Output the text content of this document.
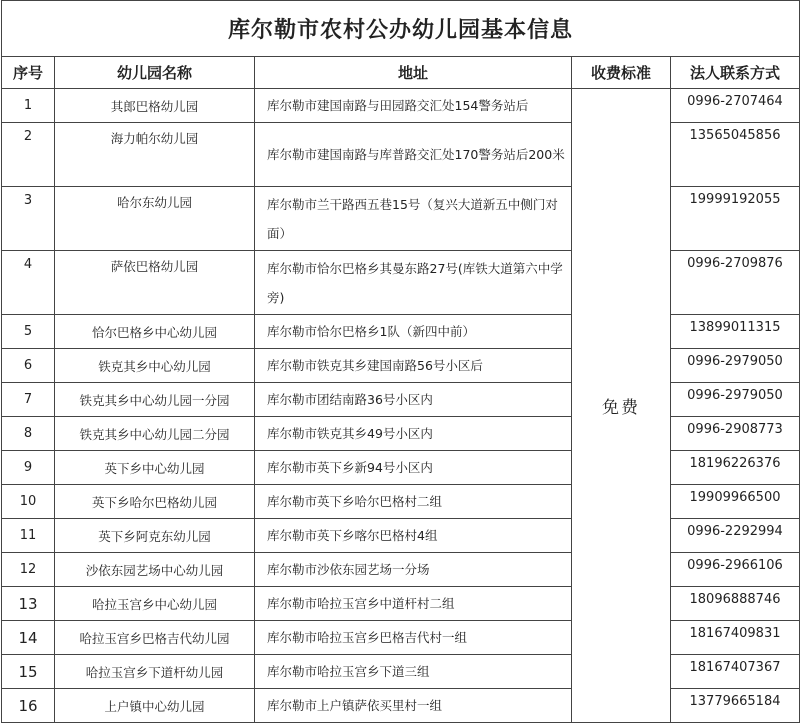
库尔勒市农村公办幼儿园基本信息				
序号	幼儿园名称	地址	收费标准	法人联系方式
1	其郎巴格幼儿园	库尔勒市建国南路与田园路交汇处154警务站后	免费	0996-2707464
2	海力帕尔幼儿园	库尔勒市建国南路与库普路交汇处170警务站后200米		13565045856
3	哈尔东幼儿园	库尔勒市兰干路西五巷15号（复兴大道新五中侧门对面）		19999192055
4	萨依巴格幼儿园	库尔勒市恰尔巴格乡其曼东路27号(库铁大道第六中学旁)		0996-2709876
5	恰尔巴格乡中心幼儿园	库尔勒市恰尔巴格乡1队（新四中前）		13899011315
6	铁克其乡中心幼儿园	库尔勒市铁克其乡建国南路56号小区后		0996-2979050
7	铁克其乡中心幼儿园一分园	库尔勒市团结南路36号小区内		0996-2979050
8	铁克其乡中心幼儿园二分园	库尔勒市铁克其乡49号小区内		0996-2908773
9	英下乡中心幼儿园	库尔勒市英下乡新94号小区内		18196226376
10	英下乡哈尔巴格幼儿园	库尔勒市英下乡哈尔巴格村二组		19909966500
11	英下乡阿克东幼儿园	库尔勒市英下乡喀尔巴格村4组		0996-2292994
12	沙依东园艺场中心幼儿园	库尔勒市沙依东园艺场一分场		0996-2966106
13	哈拉玉宫乡中心幼儿园	库尔勒市哈拉玉宫乡中道杆村二组		18096888746
14	哈拉玉宫乡巴格吉代幼儿园	库尔勒市哈拉玉宫乡巴格吉代村一组		18167409831
15	哈拉玉宫乡下道杆幼儿园	库尔勒市哈拉玉宫乡下道三组		18167407367
16	上户镇中心幼儿园	库尔勒市上户镇萨依买里村一组		13779665184
